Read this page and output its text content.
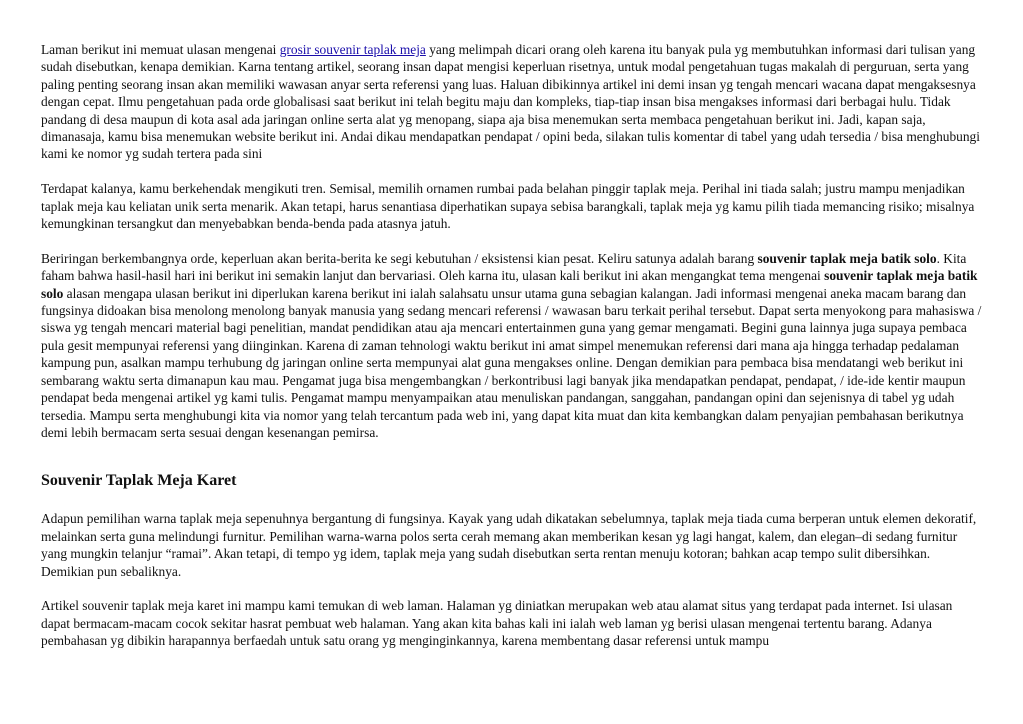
Laman berikut ini memuat ulasan mengenai grosir souvenir taplak meja yang melimpah dicari orang oleh karena itu banyak pula yg membutuhkan informasi dari tulisan yang sudah disebutkan, kenapa demikian. Karna tentang artikel, seorang insan dapat mengisi keperluan risetnya, untuk modal pengetahuan tugas makalah di perguruan, serta yang paling penting seorang insan akan memiliki wawasan anyar serta referensi yang luas. Haluan dibikinnya artikel ini demi insan yg tengah mencari wacana dapat mengaksesnya dengan cepat. Ilmu pengetahuan pada orde globalisasi saat berikut ini telah begitu maju dan kompleks, tiap-tiap insan bisa mengakses informasi dari berbagai hulu. Tidak pandang di desa maupun di kota asal ada jaringan online serta alat yg menopang, siapa aja bisa menemukan serta membaca pengetahuan berikut ini. Jadi, kapan saja, dimanasaja, kamu bisa menemukan website berikut ini. Andai dikau mendapatkan pendapat / opini beda, silakan tulis komentar di tabel yang udah tersedia / bisa menghubungi kami ke nomor yg sudah tertera pada sini

Terdapat kalanya, kamu berkehendak mengikuti tren. Semisal, memilih ornamen rumbai pada belahan pinggir taplak meja. Perihal ini tiada salah; justru mampu menjadikan taplak meja kau keliatan unik serta menarik. Akan tetapi, harus senantiasa diperhatikan supaya sebisa barangkali, taplak meja yg kamu pilih tiada memancing risiko; misalnya kemungkinan tersangkut dan menyebabkan benda-benda pada atasnya jatuh.

Beriringan berkembangnya orde, keperluan akan berita-berita ke segi kebutuhan / eksistensi kian pesat. Keliru satunya adalah barang souvenir taplak meja batik solo. Kita faham bahwa hasil-hasil hari ini berikut ini semakin lanjut dan bervariasi. Oleh karna itu, ulasan kali berikut ini akan mengangkat tema mengenai souvenir taplak meja batik solo alasan mengapa ulasan berikut ini diperlukan karena berikut ini ialah salahsatu unsur utama guna sebagian kalangan. Jadi informasi mengenai aneka macam barang dan fungsinya didoakan bisa menolong menolong banyak manusia yang sedang mencari referensi / wawasan baru terkait perihal tersebut. Dapat serta menyokong para mahasiswa / siswa yg tengah mencari material bagi penelitian, mandat pendidikan atau aja mencari entertainmen guna yang gemar mengamati. Begini guna lainnya juga supaya pembaca pula gesit mempunyai referensi yang diinginkan. Karena di zaman tehnologi waktu berikut ini amat simpel menemukan referensi dari mana aja hingga terhadap pedalaman kampung pun, asalkan mampu terhubung dg jaringan online serta mempunyai alat guna mengakses online. Dengan demikian para pembaca bisa mendatangi web berikut ini sembarang waktu serta dimanapun kau mau. Pengamat juga bisa mengembangkan / berkontribusi lagi banyak jika mendapatkan pendapat, pendapat, / ide-ide kentir maupun pendapat beda mengenai artikel yg kami tulis. Pengamat mampu menyampaikan atau menuliskan pandangan, sanggahan, pandangan opini dan sejenisnya di tabel yg udah tersedia. Mampu serta menghubungi kita via nomor yang telah tercantum pada web ini, yang dapat kita muat dan kita kembangkan dalam penyajian pembahasan berikutnya demi lebih bermacam serta sesuai dengan kesenangan pemirsa.

Souvenir Taplak Meja Karet

Adapun pemilihan warna taplak meja sepenuhnya bergantung di fungsinya. Kayak yang udah dikatakan sebelumnya, taplak meja tiada cuma berperan untuk elemen dekoratif, melainkan serta guna melindungi furnitur. Pemilihan warna-warna polos serta cerah memang akan memberikan kesan yg lagi hangat, kalem, dan elegan–di sedang furnitur yang mungkin telanjur “ramai”. Akan tetapi, di tempo yg idem, taplak meja yang sudah disebutkan serta rentan menuju kotoran; bahkan acap tempo sulit dibersihkan. Demikian pun sebaliknya.

Artikel souvenir taplak meja karet ini mampu kami temukan di web laman. Halaman yg diniatkan merupakan web atau alamat situs yang terdapat pada internet. Isi ulasan dapat bermacam-macam cocok sekitar hasrat pembuat web halaman. Yang akan kita bahas kali ini ialah web laman yg berisi ulasan mengenai tertentu barang. Adanya pembahasan yg dibikin harapannya berfaedah untuk satu orang yg menginginkannya, karena membentang dasar referensi untuk mampu
